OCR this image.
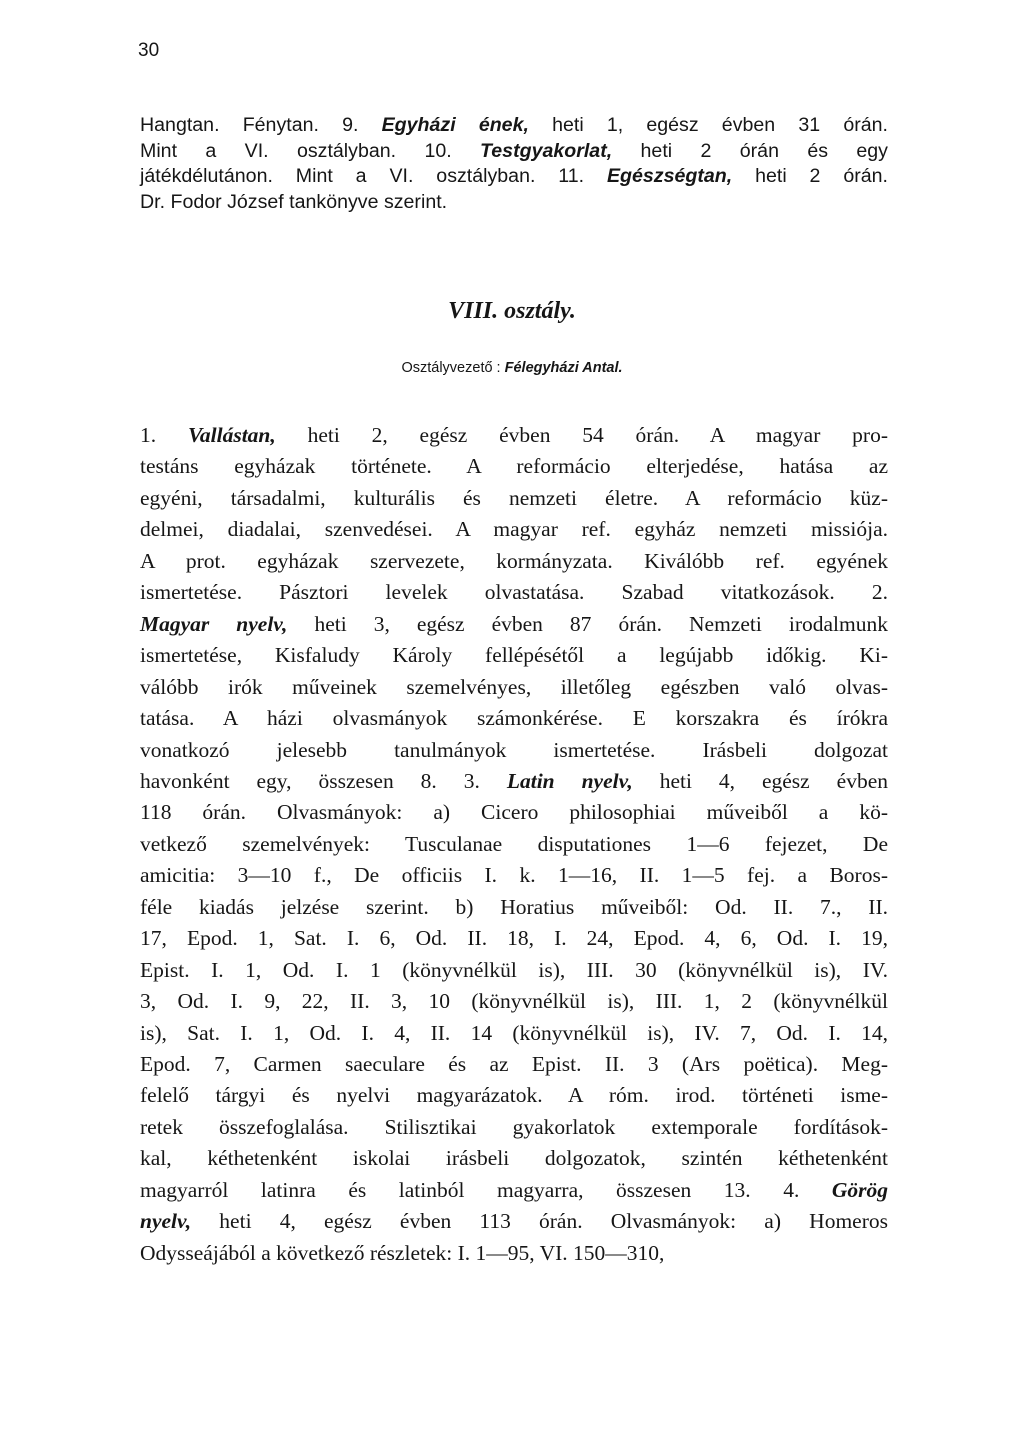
30
Hangtan. Fénytan. 9. Egyházi ének, heti 1, egész évben 31 órán.
Mint a VI. osztályban. 10. Testgyakorlat, heti 2 órán és egy
játékdélutánon. Mint a VI. osztályban. 11. Egészségtan, heti 2 órán.
Dr. Fodor József tankönyve szerint.
VIII. osztály.
Osztályvezető : Félegyházi Antal.
1. Vallástan, heti 2, egész évben 54 órán. A magyar pro-
testáns egyházak története. A reformácio elterjedése, hatása az
egyéni, társadalmi, kulturális és nemzeti életre. A reformácio küz-
delmei, diadalai, szenvedései. A magyar ref. egyház nemzeti missiója.
A prot. egyházak szervezete, kormányzata. Kiválóbb ref. egyének
ismertetése. Pásztori levelek olvastatása. Szabad vitatkozások. 2.
Magyar nyelv, heti 3, egész évben 87 órán. Nemzeti irodalmunk
ismertetése, Kisfaludy Károly fellépésétől a legújabb időkig. Ki-
válóbb irók műveinek szemelvényes, illetőleg egészben való olvas-
tatása. A házi olvasmányok számonkérése. E korszakra és írókra
vonatkozó jelesebb tanulmányok ismertetése. Irásbeli dolgozat
havonként egy, összesen 8. 3. Latin nyelv, heti 4, egész évben
118 órán. Olvasmányok: a) Cicero philosophiai műveiből a kö-
vetkező szemelvények: Tusculanae disputationes 1—6 fejezet, De
amicitia: 3—10 f., De officiis I. k. 1—16, II. 1—5 fej. a Boros-
féle kiadás jelzése szerint. b) Horatius műveiből: Od. II. 7., II.
17, Epod. 1, Sat. I. 6, Od. II. 18, I. 24, Epod. 4, 6, Od. I. 19,
Epist. I. 1, Od. I. 1 (könyvnélkül is), III. 30 (könyvnélkül is), IV.
3, Od. I. 9, 22, II. 3, 10 (könyvnélkül is), III. 1, 2 (könyvnélkül
is), Sat. I. 1, Od. I. 4, II. 14 (könyvnélkül is), IV. 7, Od. I. 14,
Epod. 7, Carmen saeculare és az Epist. II. 3 (Ars poëtica). Meg-
felelő tárgyi és nyelvi magyarázatok. A róm. irod. történeti isme-
retek összefoglalása. Stilisztikai gyakorlatok extemporale fordítások-
kal, kéthetenként iskolai irásbeli dolgozatok, szintén kéthetenként
magyarról latinra és latinból magyarra, összesen 13. 4. Görög
nyelv, heti 4, egész évben 113 órán. Olvasmányok: a) Homeros
Odysseájából a következő részletek: I. 1—95, VI. 150—310,
